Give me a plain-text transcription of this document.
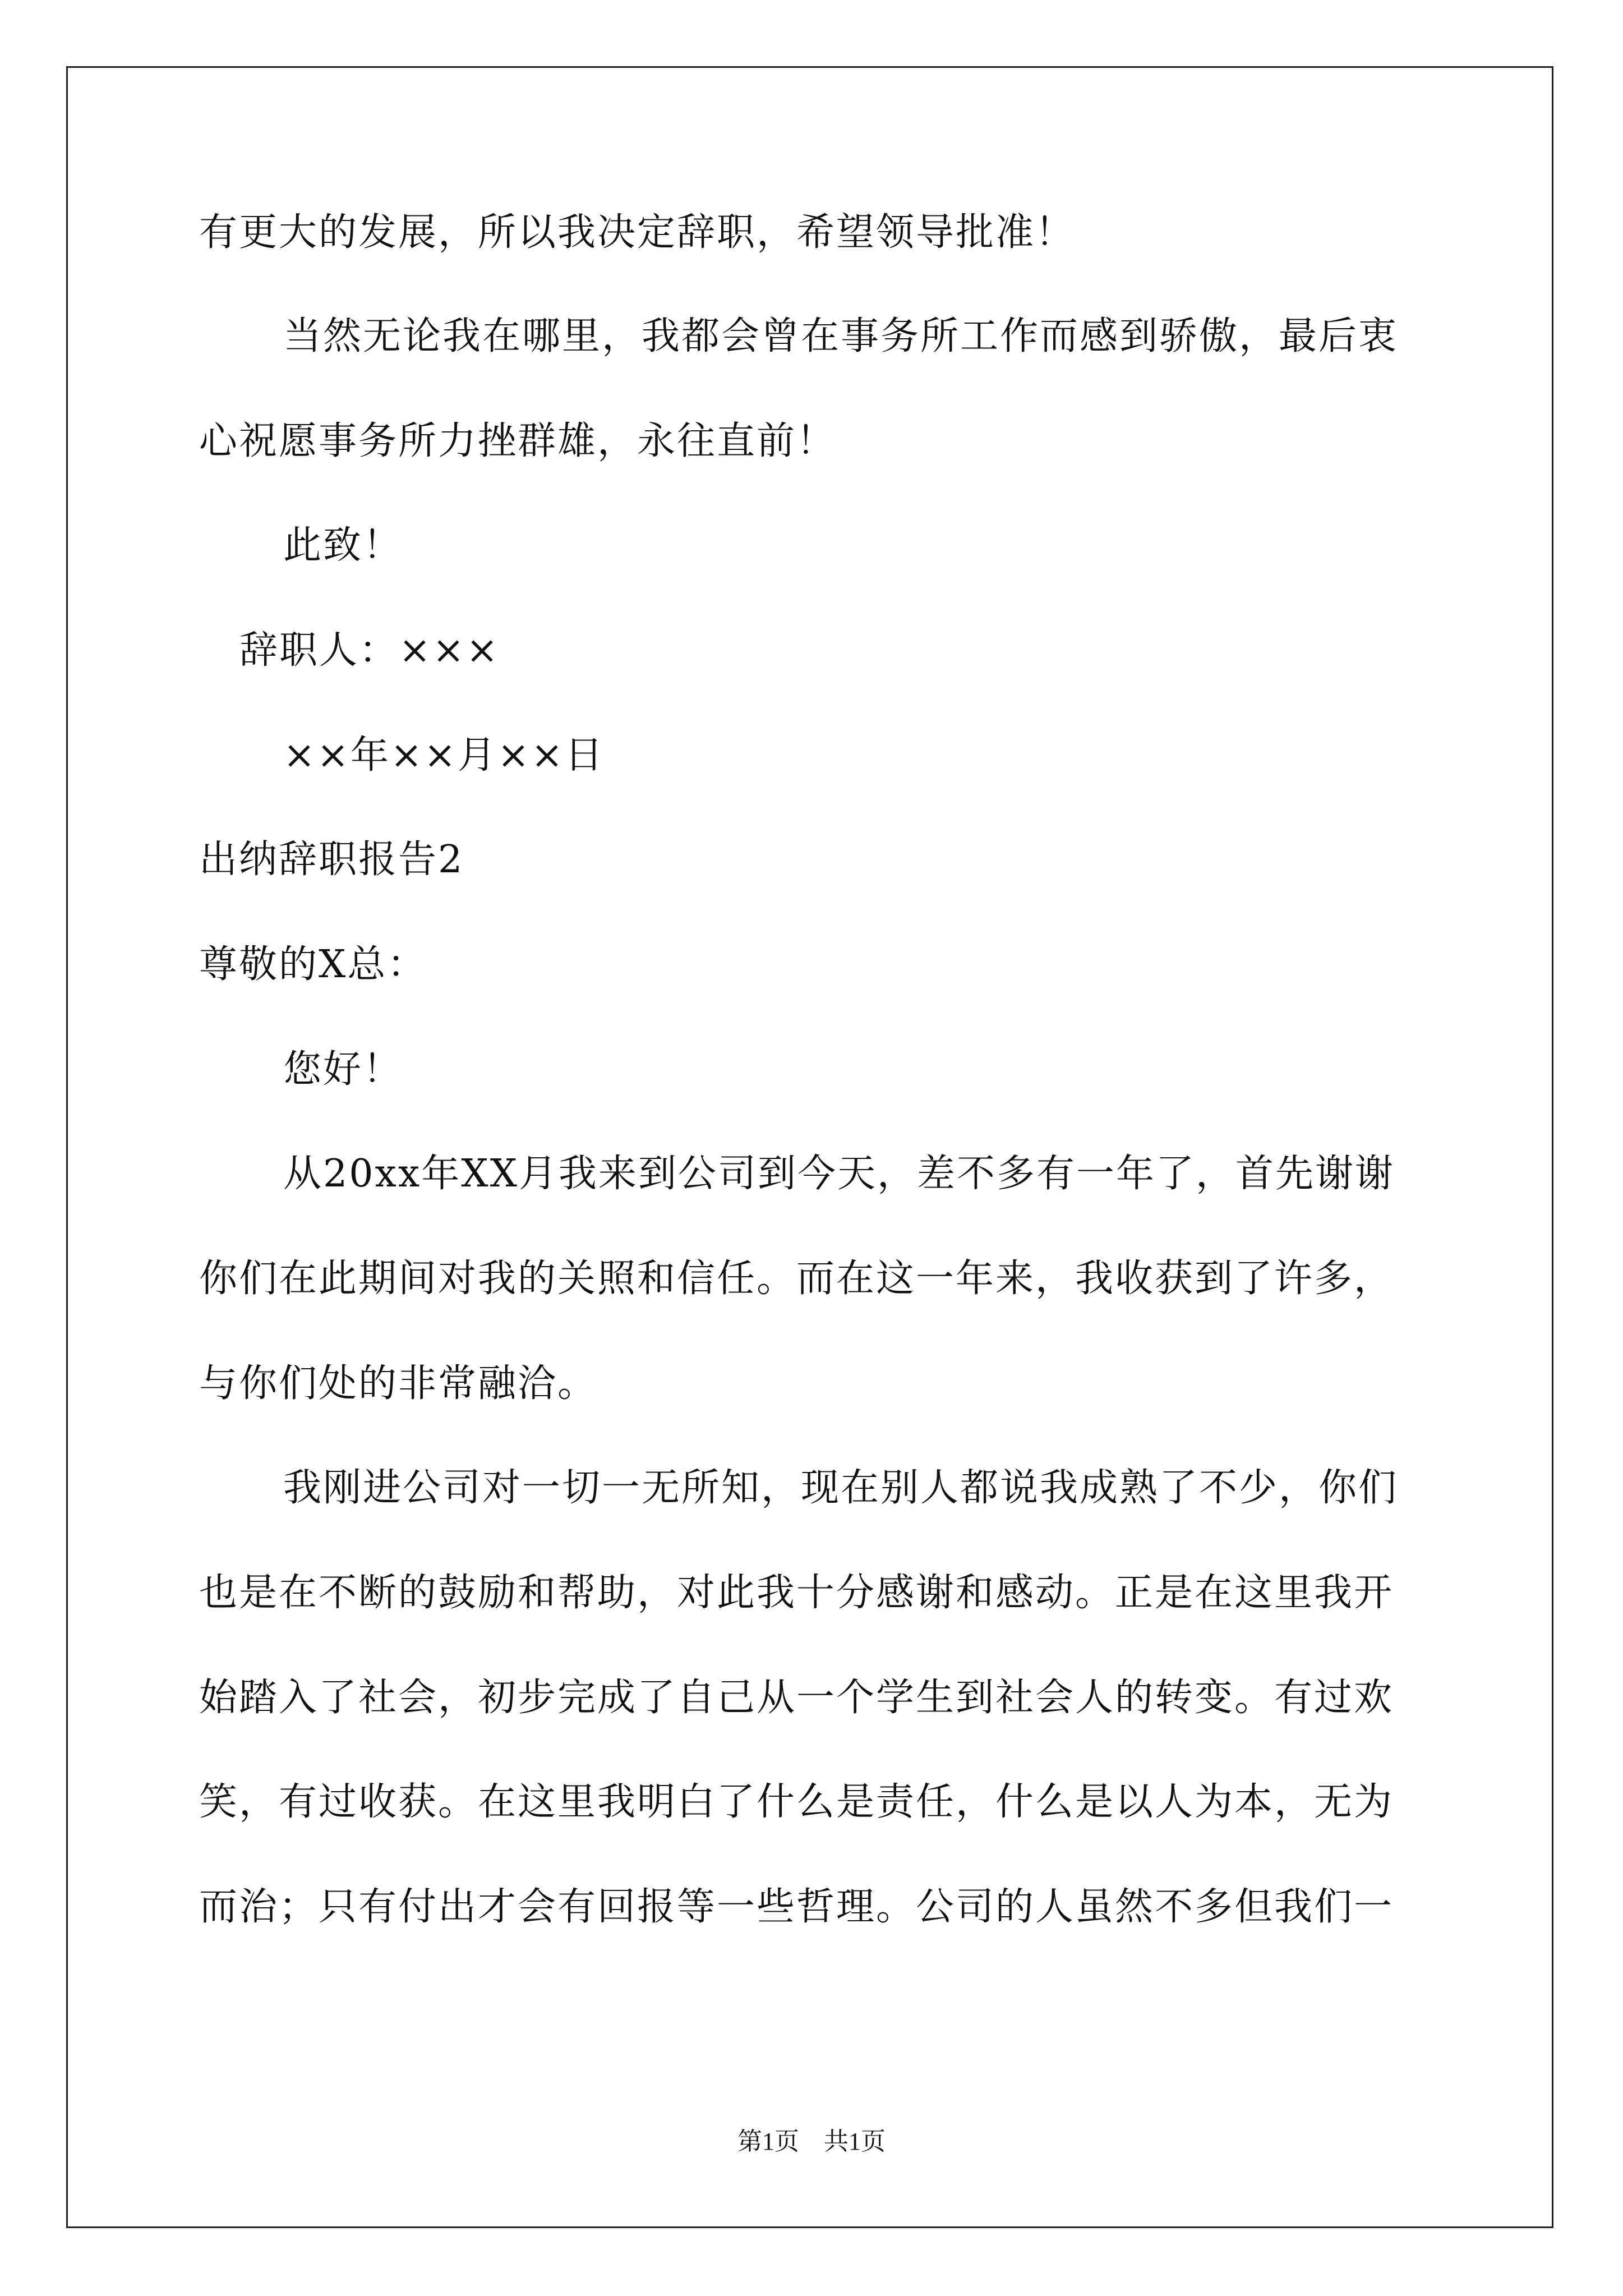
有更大的发展，所以我决定辞职，希望领导批准！
当然无论我在哪里，我都会曾在事务所工作而感到骄傲，最后衷
心祝愿事务所力挫群雄，永往直前！
此致！
辞职人：×××
××年××月××日
出纳辞职报告2
尊敬的X总：
您好！
从20xx年XX月我来到公司到今天，差不多有一年了，首先谢谢
你们在此期间对我的关照和信任。而在这一年来，我收获到了许多，
与你们处的非常融洽。
我刚进公司对一切一无所知，现在别人都说我成熟了不少，你们
也是在不断的鼓励和帮助，对此我十分感谢和感动。正是在这里我开
始踏入了社会，初步完成了自己从一个学生到社会人的转变。有过欢
笑，有过收获。在这里我明白了什么是责任，什么是以人为本，无为
而治；只有付出才会有回报等一些哲理。公司的人虽然不多但我们一
第1页　共1页
